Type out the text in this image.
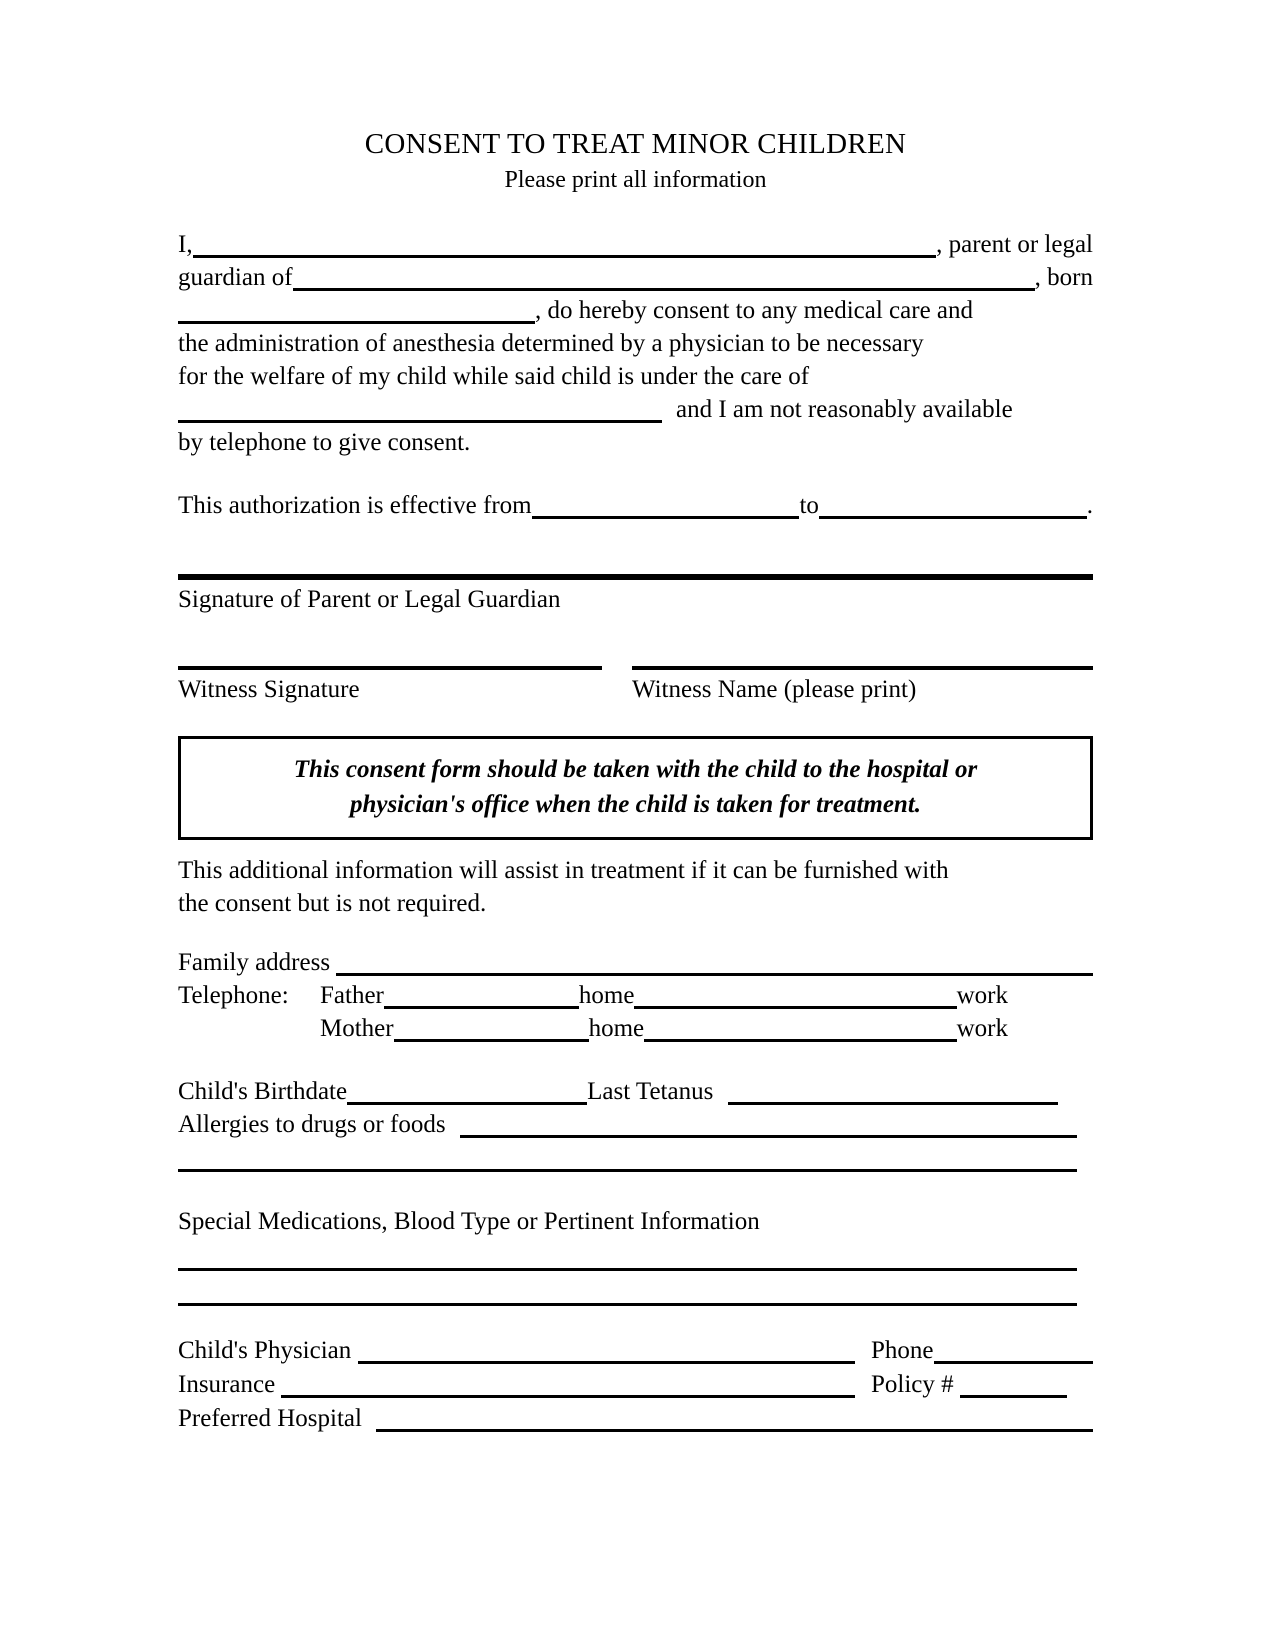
CONSENT TO TREAT MINOR CHILDREN
Please print all information
I,	, parent or legal
guardian of	, born
, do hereby consent to any medical care and
the administration of anesthesia determined by a physician to be necessary
for the welfare of my child while said child is under the care of
and I am not reasonably available
by telephone to give consent.
This authorization is effective from	to	.
Signature of Parent or Legal Guardian
Witness Signature	Witness Name (please print)
This consent form should be taken with the child to the hospital or
physician's office when the child is taken for treatment.
This additional information will assist in treatment if it can be furnished with
the consent but is not required.
Family address
Telephone:	Father	home	work
Mother	home	work
Child's Birthdate	Last Tetanus
Allergies to drugs or foods
Special Medications, Blood Type or Pertinent Information
Child's Physician	Phone
Insurance	Policy #
Preferred Hospital
